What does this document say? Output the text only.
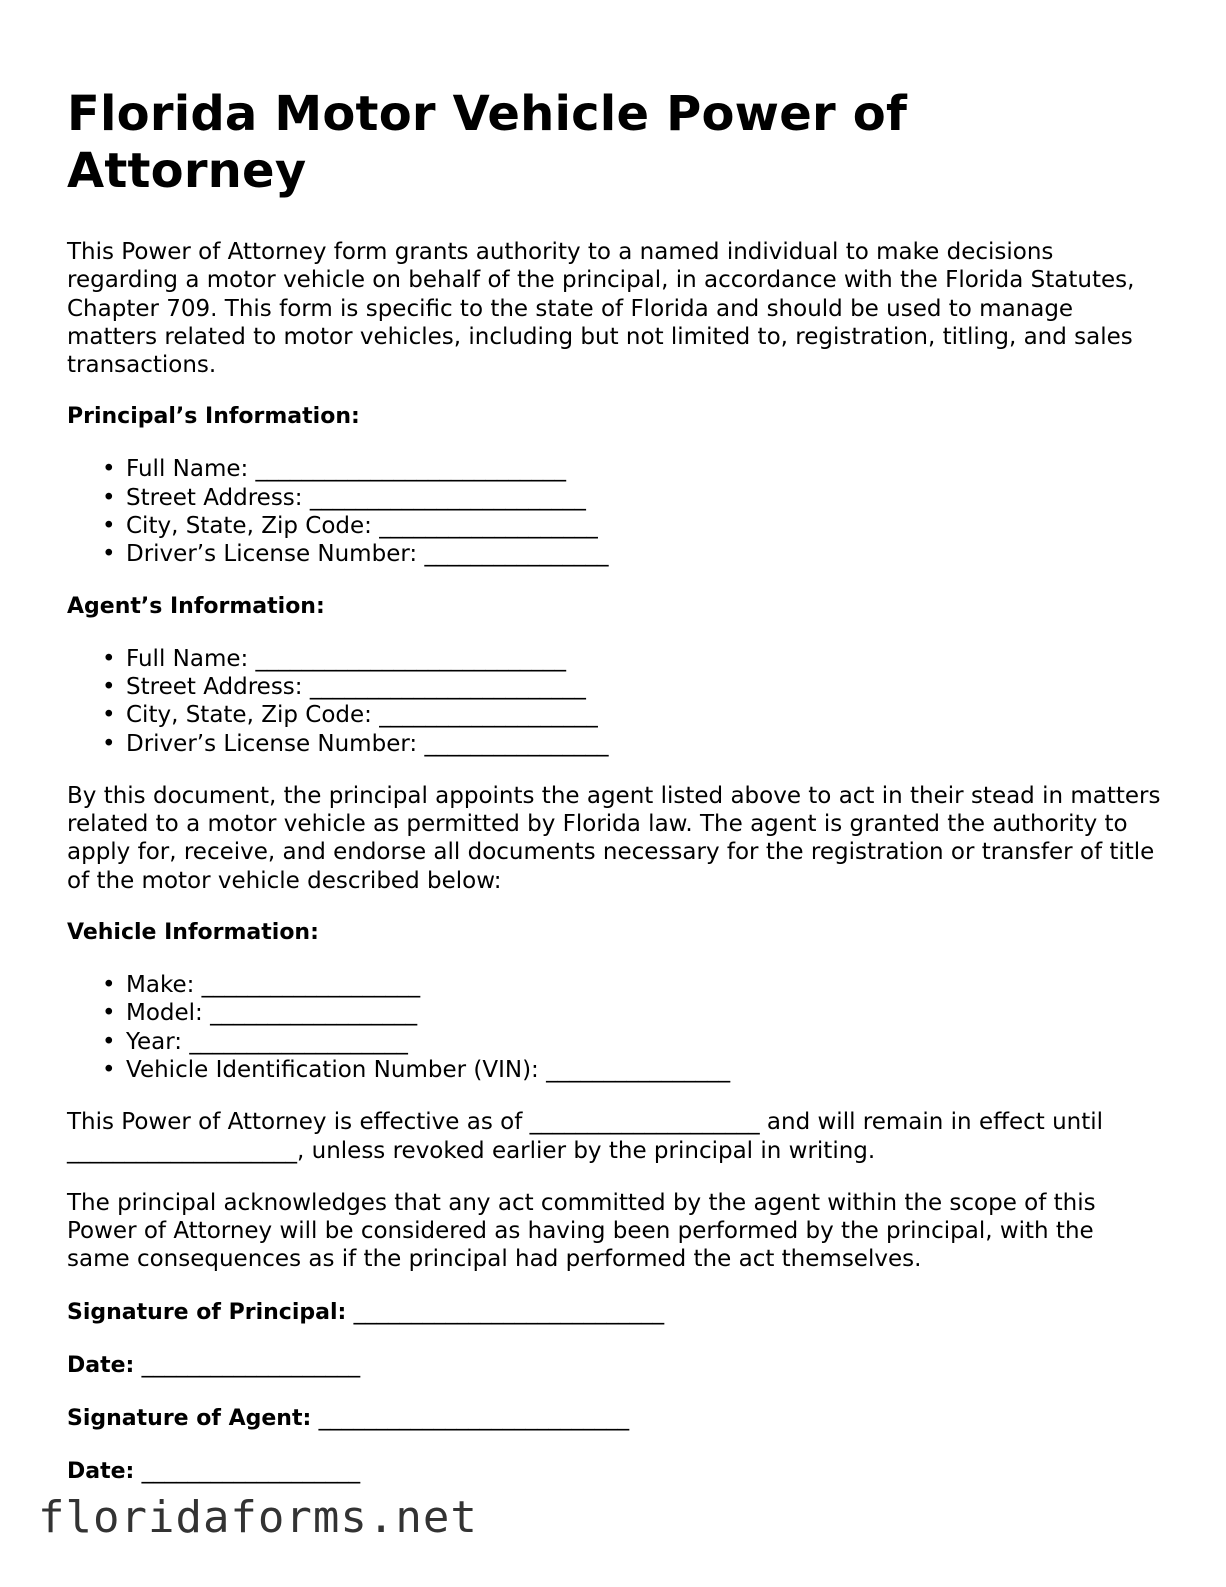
Florida Motor Vehicle Power of Attorney

This Power of Attorney form grants authority to a named individual to make decisions regarding a motor vehicle on behalf of the principal, in accordance with the Florida Statutes, Chapter 709. This form is specific to the state of Florida and should be used to manage matters related to motor vehicles, including but not limited to, registration, titling, and sales transactions.

Principal’s Information:
• Full Name: ___________________________
• Street Address: ________________________
• City, State, Zip Code: ___________________
• Driver’s License Number: ________________
Agent’s Information:
• Full Name: ___________________________
• Street Address: ________________________
• City, State, Zip Code: ___________________
• Driver’s License Number: ________________

By this document, the principal appoints the agent listed above to act in their stead in matters related to a motor vehicle as permitted by Florida law. The agent is granted the authority to apply for, receive, and endorse all documents necessary for the registration or transfer of title of the motor vehicle described below:

Vehicle Information:
• Make: ___________________
• Model: __________________
• Year: ___________________
• Vehicle Identification Number (VIN): ________________

This Power of Attorney is effective as of ____________________ and will remain in effect until ____________________, unless revoked earlier by the principal in writing.

The principal acknowledges that any act committed by the agent within the scope of this Power of Attorney will be considered as having been performed by the principal, with the same consequences as if the principal had performed the act themselves.

Signature of Principal: ___________________________
Date: ___________________
Signature of Agent: ___________________________
Date: ___________________
floridaforms.net
